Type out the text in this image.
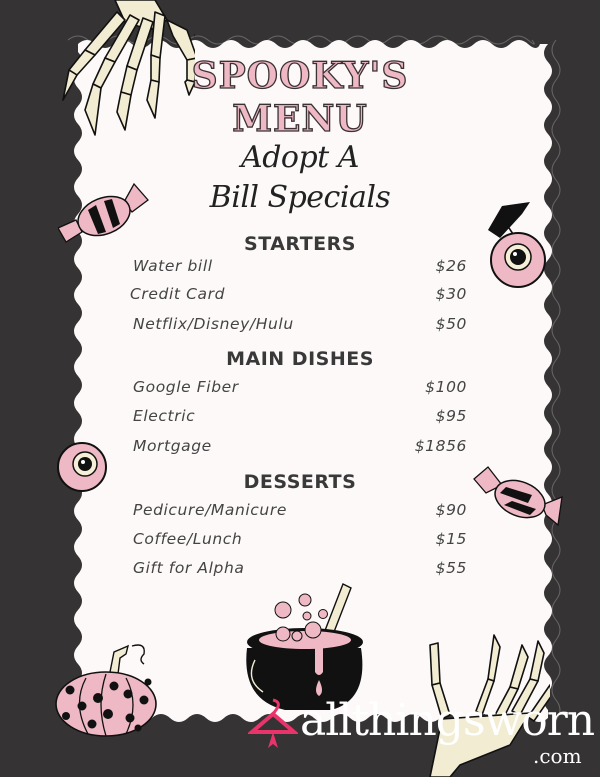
SPOOKY'S
MENU
Adopt A
Bill Specials
STARTERS
Water bill	$26
Credit Card	$30
Netflix/Disney/Hulu	$50
MAIN DISHES
Google Fiber	$100
Electric	$95
Mortgage	$1856
DESSERTS
Pedicure/Manicure	$90
Coffee/Lunch	$15
Gift for Alpha	$55
allthingsworn
.com
